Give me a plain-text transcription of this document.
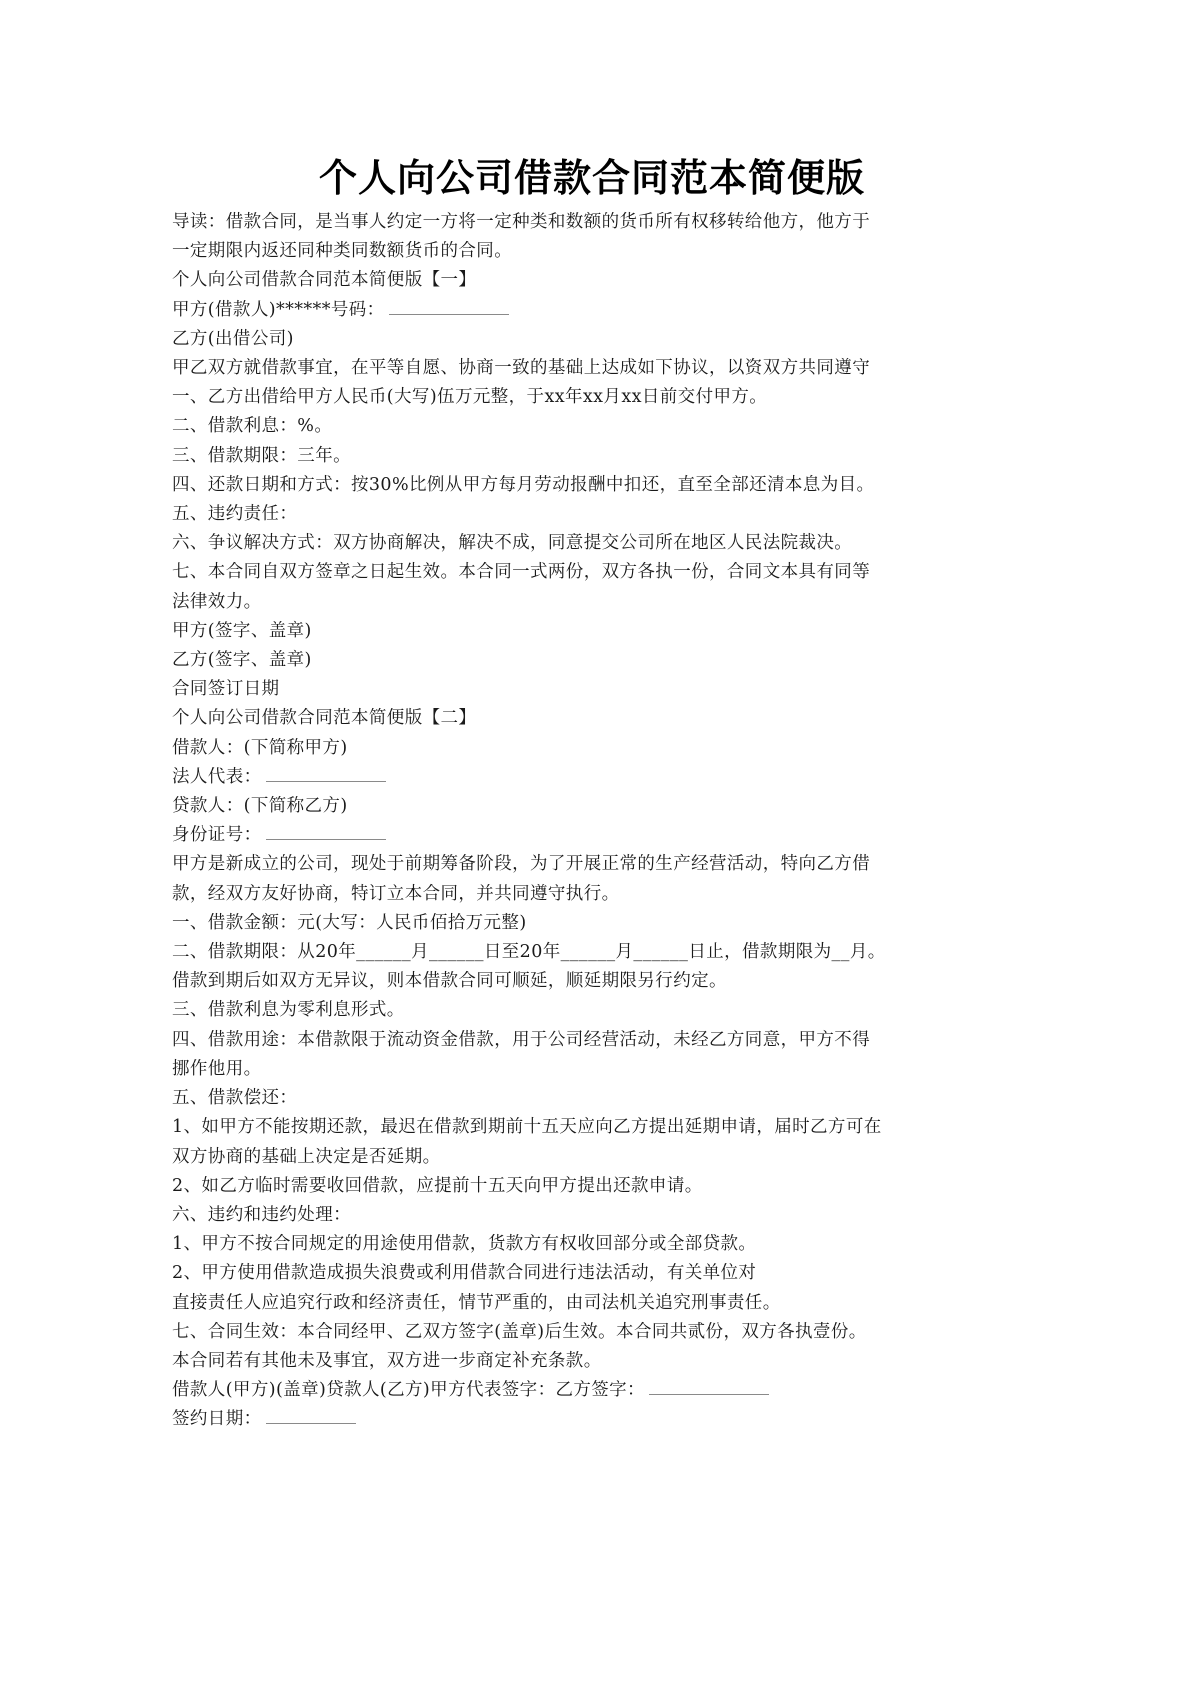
个人向公司借款合同范本简便版
导读：借款合同，是当事人约定一方将一定种类和数额的货币所有权移转给他方，他方于
一定期限内返还同种类同数额货币的合同。
个人向公司借款合同范本简便版【一】
甲方(借款人)******号码：
乙方(出借公司)
甲乙双方就借款事宜，在平等自愿、协商一致的基础上达成如下协议，以资双方共同遵守
一、乙方出借给甲方人民币(大写)伍万元整，于xx年xx月xx日前交付甲方。
二、借款利息：%。
三、借款期限：三年。
四、还款日期和方式：按30%比例从甲方每月劳动报酬中扣还，直至全部还清本息为目。
五、违约责任：
六、争议解决方式：双方协商解决，解决不成，同意提交公司所在地区人民法院裁决。
七、本合同自双方签章之日起生效。本合同一式两份，双方各执一份，合同文本具有同等
法律效力。
甲方(签字、盖章)
乙方(签字、盖章)
合同签订日期
个人向公司借款合同范本简便版【二】
借款人：(下简称甲方)
法人代表：
贷款人：(下简称乙方)
身份证号：
甲方是新成立的公司，现处于前期筹备阶段，为了开展正常的生产经营活动，特向乙方借
款，经双方友好协商，特订立本合同，并共同遵守执行。
一、借款金额：元(大写：人民币佰拾万元整)
二、借款期限：从20年______月______日至20年______月______日止，借款期限为__月。
借款到期后如双方无异议，则本借款合同可顺延，顺延期限另行约定。
三、借款利息为零利息形式。
四、借款用途：本借款限于流动资金借款，用于公司经营活动，未经乙方同意，甲方不得
挪作他用。
五、借款偿还：
1、如甲方不能按期还款，最迟在借款到期前十五天应向乙方提出延期申请，届时乙方可在
双方协商的基础上决定是否延期。
2、如乙方临时需要收回借款，应提前十五天向甲方提出还款申请。
六、违约和违约处理：
1、甲方不按合同规定的用途使用借款，货款方有权收回部分或全部贷款。
2、甲方使用借款造成损失浪费或利用借款合同进行违法活动，有关单位对
直接责任人应追究行政和经济责任，情节严重的，由司法机关追究刑事责任。
七、合同生效：本合同经甲、乙双方签字(盖章)后生效。本合同共贰份，双方各执壹份。
本合同若有其他未及事宜，双方进一步商定补充条款。
借款人(甲方)(盖章)贷款人(乙方)甲方代表签字：乙方签字：
签约日期：
